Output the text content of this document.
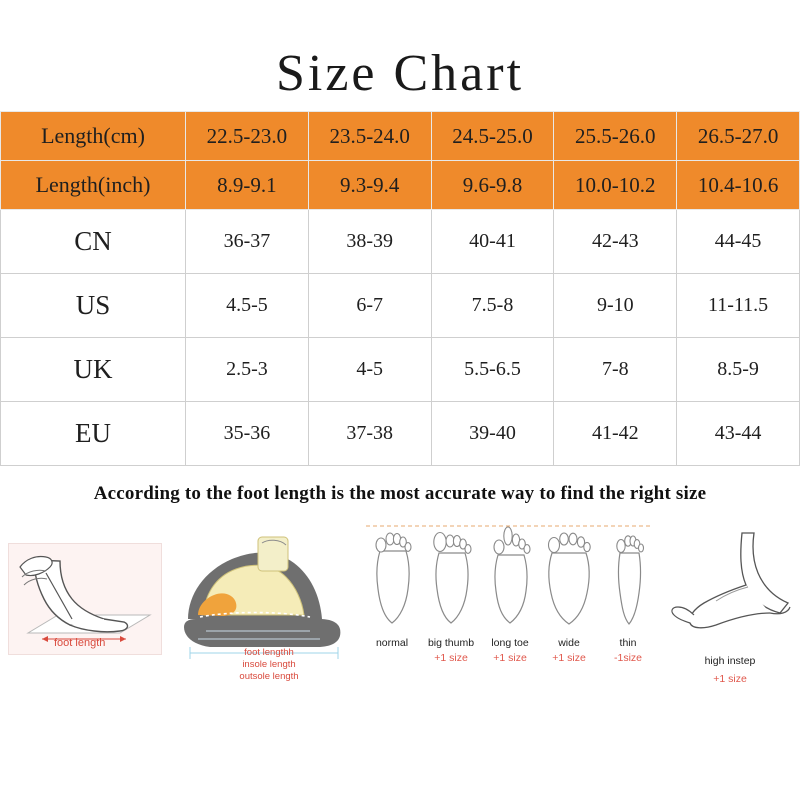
Size Chart
Length(cm)	22.5-23.0	23.5-24.0	24.5-25.0	25.5-26.0	26.5-27.0
Length(inch)	8.9-9.1	9.3-9.4	9.6-9.8	10.0-10.2	10.4-10.6
CN	36-37	38-39	40-41	42-43	44-45
US	4.5-5	6-7	7.5-8	9-10	11-11.5
UK	2.5-3	4-5	5.5-6.5	7-8	8.5-9
EU	35-36	37-38	39-40	41-42	43-44
According to the foot length is the most accurate way to find the right size
foot length
foot lengthh
insole length
outsole length
normal	big thumb
+1 size
long toe
+1 size
wide
+1 size
thin
-1size	high instep
+1 size
